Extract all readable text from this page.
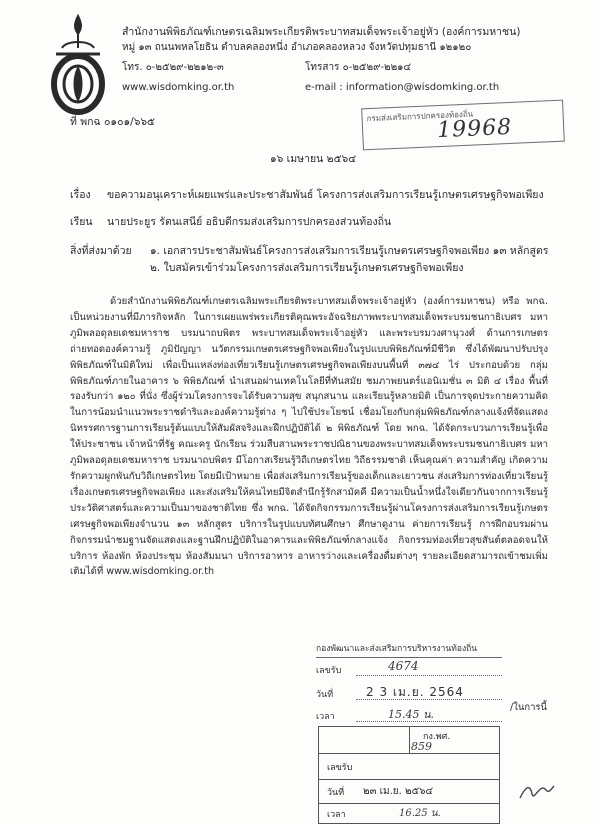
สำนักงานพิพิธภัณฑ์เกษตรเฉลิมพระเกียรติพระบาทสมเด็จพระเจ้าอยู่หัว (องค์การมหาชน)
หมู่ ๑๓ ถนนพหลโยธิน ตำบลคลองหนึ่ง อำเภอคลองหลวง จังหวัดปทุมธานี ๑๒๑๒๐
โทร. ๐-๒๕๒๙-๒๒๑๒-๓	โทรสาร ๐-๒๕๒๙-๒๒๑๔
www.wisdomking.or.th	e-mail : information@wisdomking.or.th
ที่ พกฉ ๐๑๐๑/๖๖๕	กรมส่งเสริมการปกครองท้องถิ่น
19968
๑๖ เมษายน ๒๕๖๔
เรื่อง ขอความอนุเคราะห์เผยแพร่และประชาสัมพันธ์ โครงการส่งเสริมการเรียนรู้เกษตรเศรษฐกิจพอเพียง
เรียน นายประยูร รัตนเสนีย์ อธิบดีกรมส่งเสริมการปกครองส่วนท้องถิ่น
สิ่งที่ส่งมาด้วย ๑. เอกสารประชาสัมพันธ์โครงการส่งเสริมการเรียนรู้เกษตรเศรษฐกิจพอเพียง ๑๓ หลักสูตร
๒. ใบสมัครเข้าร่วมโครงการส่งเสริมการเรียนรู้เกษตรเศรษฐกิจพอเพียง
ด้วยสำนักงานพิพิธภัณฑ์เกษตรเฉลิมพระเกียรติพระบาทสมเด็จพระเจ้าอยู่หัว (องค์การมหาชน) หรือ พกฉ. เป็นหน่วยงานที่มีภารกิจหลัก ในการเผยแพร่พระเกียรติคุณพระอัจฉริยภาพพระบาทสมเด็จพระบรมชนกาธิเบศร มหาภูมิพลอดุลยเดชมหาราช บรมนาถบพิตร พระบาทสมเด็จพระเจ้าอยู่หัว และพระบรมวงศานุวงศ์ ด้านการเกษตร ถ่ายทอดองค์ความรู้ ภูมิปัญญา นวัตกรรมเกษตรเศรษฐกิจพอเพียงในรูปแบบพิพิธภัณฑ์มีชีวิต ซึ่งได้พัฒนาปรับปรุงพิพิธภัณฑ์ในมิติใหม่ เพื่อเป็นแหล่งท่องเที่ยวเรียนรู้เกษตรเศรษฐกิจพอเพียงบนพื้นที่ ๓๗๔ ไร่ ประกอบด้วย กลุ่มพิพิธภัณฑ์ภายในอาคาร ๖ พิพิธภัณฑ์ นำเสนอผ่านเทคโนโลยีที่ทันสมัย ชมภาพยนตร์แอนิเมชั่น ๓ มิติ ๔ เรื่อง พื้นที่รองรับกว่า ๑๒๐ ที่นั่ง ซึ่งผู้ร่วมโครงการจะได้รับความสุข สนุกสนาน และเรียนรู้หลายมิติ เป็นการจุดประกายความคิด ในการน้อมนำแนวพระราชดำริและองค์ความรู้ต่าง ๆ ไปใช้ประโยชน์ เชื่อมโยงกับกลุ่มพิพิธภัณฑ์กลางแจ้งที่จัดแสดงนิทรรศการฐานการเรียนรู้ต้นแบบให้สัมผัสจริงและฝึกปฏิบัติได้ ๒ พิพิธภัณฑ์ โดย พกฉ. ได้จัดกระบวนการเรียนรู้เพื่อให้ประชาชน เจ้าหน้าที่รัฐ คณะครู นักเรียน ร่วมสืบสานพระราชปณิธานของพระบาทสมเด็จพระบรมชนกาธิเบศร มหาภูมิพลอดุลยเดชมหาราช บรมนาถบพิตร มีโอกาสเรียนรู้วิถีเกษตรไทย วิถีธรรมชาติ เห็นคุณค่า ความสำคัญ เกิดความรักความผูกพันกับวิถีเกษตรไทย โดยมีเป้าหมาย เพื่อส่งเสริมการเรียนรู้ของเด็กและเยาวชน ส่งเสริมการท่องเที่ยวเรียนรู้เรื่องเกษตรเศรษฐกิจพอเพียง และส่งเสริมให้คนไทยมีจิตสำนึกรู้รักสามัคคี มีความเป็นน้ำหนึ่งใจเดียวกันจากการเรียนรู้ประวัติศาสตร์และความเป็นมาของชาติไทย ซึ่ง พกฉ. ได้จัดกิจกรรมการเรียนรู้ผ่านโครงการส่งเสริมการเรียนรู้เกษตรเศรษฐกิจพอเพียงจำนวน ๑๓ หลักสูตร บริการในรูปแบบทัศนศึกษา ศึกษาดูงาน ค่ายการเรียนรู้ การฝึกอบรมผ่านกิจกรรมนำชมฐานจัดแสดงและฐานฝึกปฏิบัติในอาคารและพิพิธภัณฑ์กลางแจ้ง กิจกรรมท่องเที่ยวสุขสันต์ตลอดจนให้บริการ ห้องพัก ห้องประชุม ห้องสัมมนา บริการอาหาร อาหารว่างและเครื่องดื่มต่างๆ รายละเอียดสามารถเข้าชมเพิ่มเติมได้ที่ www.wisdomking.or.th
กองพัฒนาและส่งเสริมการบริหารงานท้องถิ่น
เลขรับ	4674
วันที่	2 3 เม.ย. 2564
เวลา	15.45 น.
/ในการนี้
กง.พศ.
เลขรับ
859
วันที่ ๒๓ เม.ย. ๒๕๖๔
เวลา	16.25 น.
